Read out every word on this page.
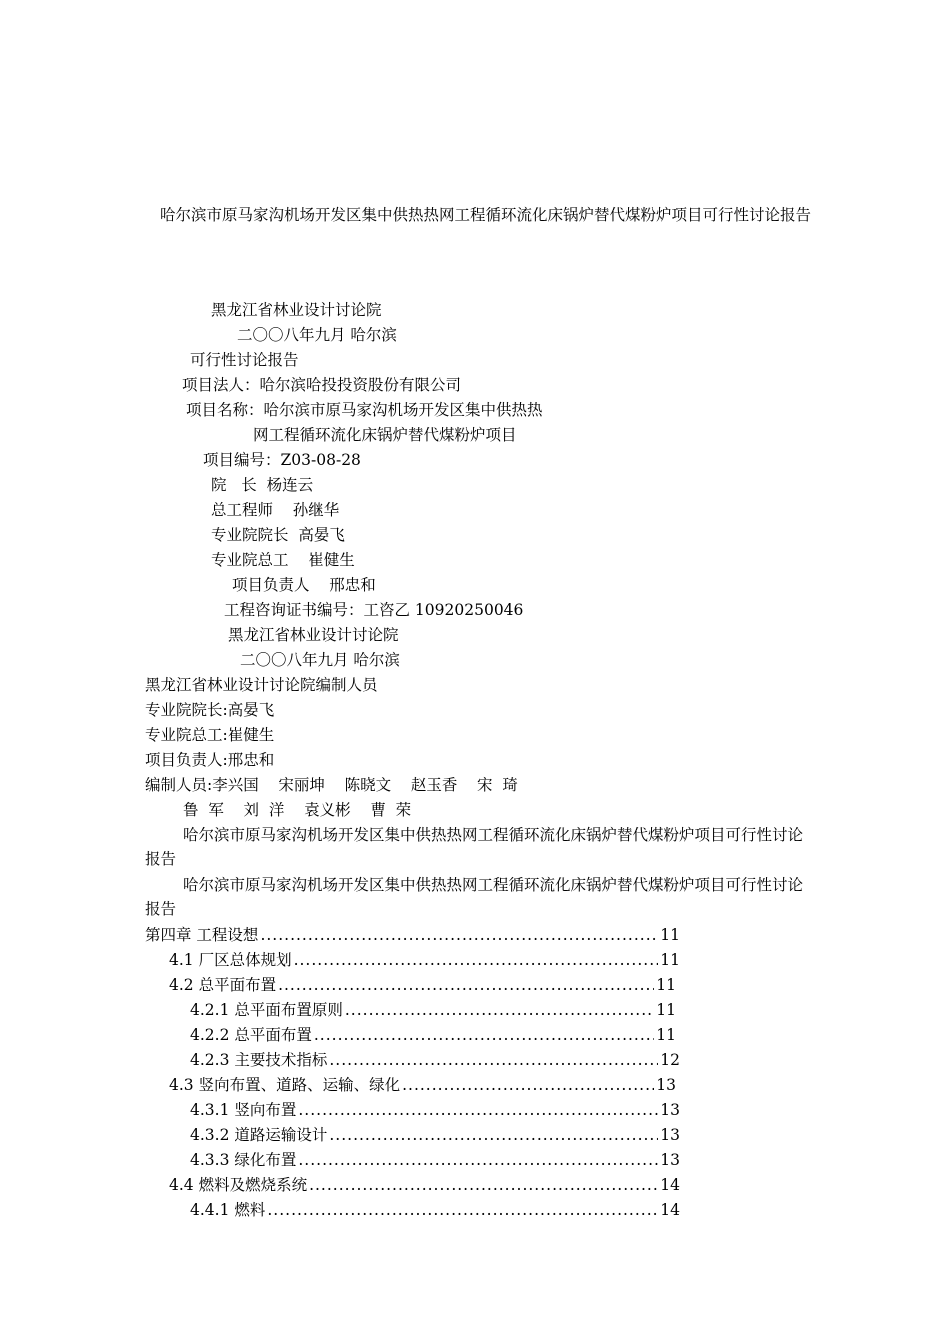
哈尔滨市原马家沟机场开发区集中供热热网工程循环流化床锅炉替代煤粉炉项目可行性讨论报告
黑龙江省林业设计讨论院
二〇〇八年九月 哈尔滨
可行性讨论报告
项目法人：哈尔滨哈投投资股份有限公司
项目名称：哈尔滨市原马家沟机场开发区集中供热热
网工程循环流化床锅炉替代煤粉炉项目
项目编号：Z03-08-28
院   长  杨连云
总工程师    孙继华
专业院院长  高晏飞
专业院总工    崔健生
项目负责人    邢忠和
工程咨询证书编号：工咨乙 10920250046
黑龙江省林业设计讨论院
二〇〇八年九月 哈尔滨
黑龙江省林业设计讨论院编制人员
专业院院长:高晏飞
专业院总工:崔健生
项目负责人:邢忠和
编制人员:李兴国    宋丽坤    陈晓文    赵玉香    宋  琦
鲁  军    刘  洋    袁义彬    曹  荣
哈尔滨市原马家沟机场开发区集中供热热网工程循环流化床锅炉替代煤粉炉项目可行性讨论报告
哈尔滨市原马家沟机场开发区集中供热热网工程循环流化床锅炉替代煤粉炉项目可行性讨论报告
第四章 工程设想 .....	11
4.1 厂区总体规划 .....	11
4.2 总平面布置 .....	11
4.2.1 总平面布置原则 .....	11
4.2.2 总平面布置 .....	11
4.2.3 主要技术指标 .....	12
4.3 竖向布置、道路、运输、绿化 .....	13
4.3.1 竖向布置 .....	13
4.3.2 道路运输设计 .....	13
4.3.3 绿化布置 .....	13
4.4 燃料及燃烧系统 .....	14
4.4.1 燃料 .....	14
